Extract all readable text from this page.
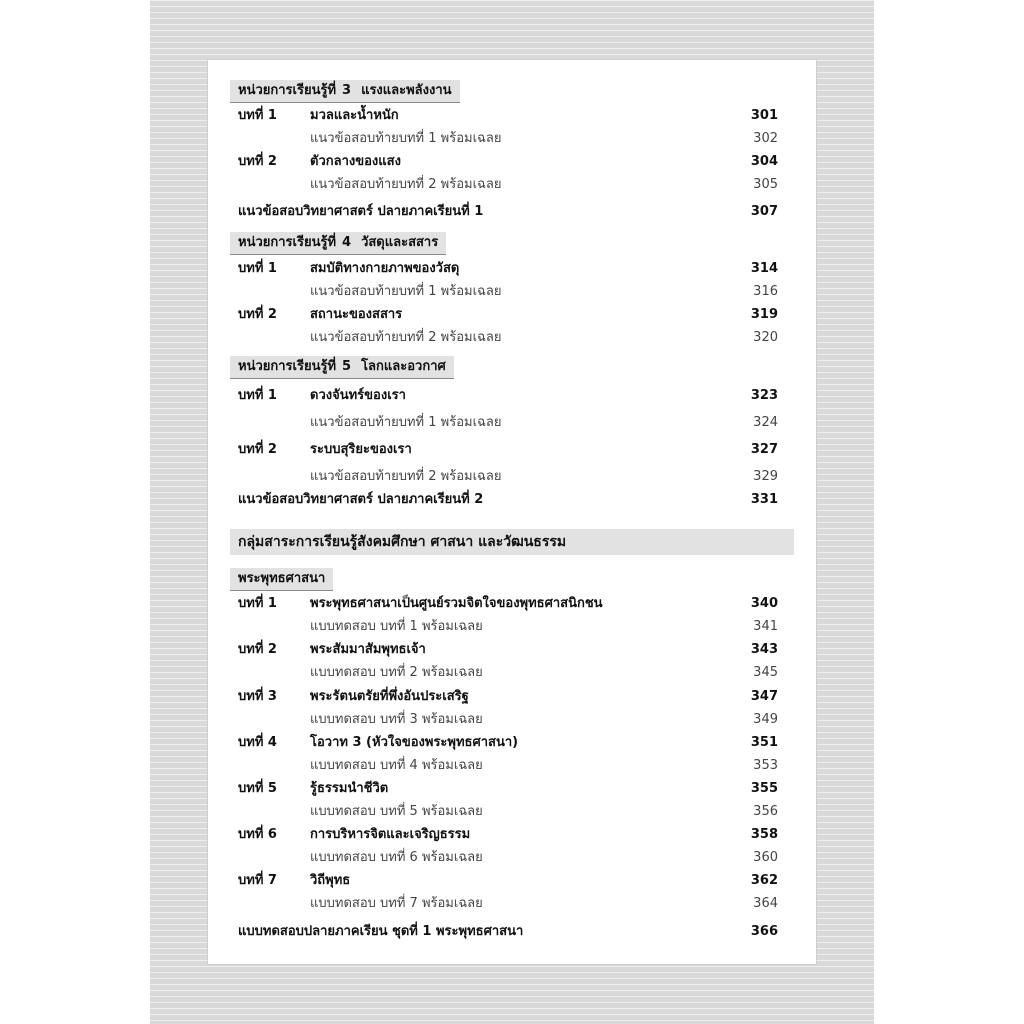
หน่วยการเรียนรู้ที่ 3 แรงและพลังงาน
บทที่ 1	มวลและน้ำหนัก	301
แนวข้อสอบท้ายบทที่ 1 พร้อมเฉลย	302
บทที่ 2	ตัวกลางของแสง	304
แนวข้อสอบท้ายบทที่ 2 พร้อมเฉลย	305
แนวข้อสอบวิทยาศาสตร์ ปลายภาคเรียนที่ 1	307
หน่วยการเรียนรู้ที่ 4 วัสดุและสสาร
บทที่ 1	สมบัติทางกายภาพของวัสดุ	314
แนวข้อสอบท้ายบทที่ 1 พร้อมเฉลย	316
บทที่ 2	สถานะของสสาร	319
แนวข้อสอบท้ายบทที่ 2 พร้อมเฉลย	320
หน่วยการเรียนรู้ที่ 5 โลกและอวกาศ
บทที่ 1	ดวงจันทร์ของเรา	323
แนวข้อสอบท้ายบทที่ 1 พร้อมเฉลย	324
บทที่ 2	ระบบสุริยะของเรา	327
แนวข้อสอบท้ายบทที่ 2 พร้อมเฉลย	329
แนวข้อสอบวิทยาศาสตร์ ปลายภาคเรียนที่ 2	331
กลุ่มสาระการเรียนรู้สังคมศึกษา ศาสนา และวัฒนธรรม
พระพุทธศาสนา
บทที่ 1	พระพุทธศาสนาเป็นศูนย์รวมจิตใจของพุทธศาสนิกชน	340
แบบทดสอบ บทที่ 1 พร้อมเฉลย	341
บทที่ 2	พระสัมมาสัมพุทธเจ้า	343
แบบทดสอบ บทที่ 2 พร้อมเฉลย	345
บทที่ 3	พระรัตนตรัยที่พึ่งอันประเสริฐ	347
แบบทดสอบ บทที่ 3 พร้อมเฉลย	349
บทที่ 4	โอวาท 3 (หัวใจของพระพุทธศาสนา)	351
แบบทดสอบ บทที่ 4 พร้อมเฉลย	353
บทที่ 5	รู้ธรรมนำชีวิต	355
แบบทดสอบ บทที่ 5 พร้อมเฉลย	356
บทที่ 6	การบริหารจิตและเจริญธรรม	358
แบบทดสอบ บทที่ 6 พร้อมเฉลย	360
บทที่ 7	วิถีพุทธ	362
แบบทดสอบ บทที่ 7 พร้อมเฉลย	364
แบบทดสอบปลายภาคเรียน ชุดที่ 1 พระพุทธศาสนา	366
